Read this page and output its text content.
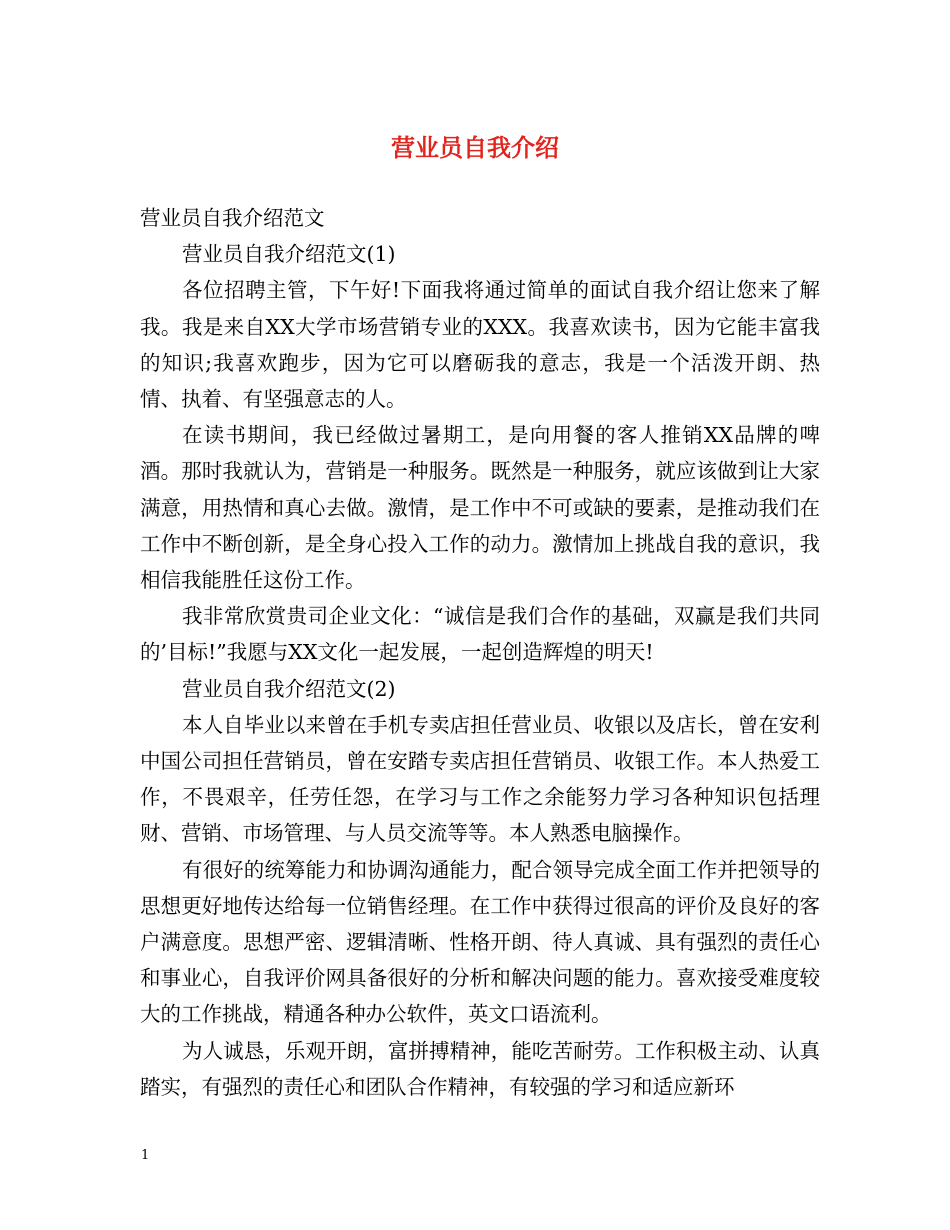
营业员自我介绍

营业员自我介绍范文

营业员自我介绍范文(1)

各位招聘主管，下午好!下面我将通过简单的面试自我介绍让您来了解我。我是来自XX大学市场营销专业的XXX。我喜欢读书，因为它能丰富我的知识;我喜欢跑步，因为它可以磨砺我的意志，我是一个活泼开朗、热情、执着、有坚强意志的人。

在读书期间，我已经做过暑期工，是向用餐的客人推销XX品牌的啤酒。那时我就认为，营销是一种服务。既然是一种服务，就应该做到让大家满意，用热情和真心去做。激情，是工作中不可或缺的要素，是推动我们在工作中不断创新，是全身心投入工作的动力。激情加上挑战自我的意识，我相信我能胜任这份工作。

我非常欣赏贵司企业文化：“诚信是我们合作的基础，双赢是我们共同的’目标!”我愿与XX文化一起发展，一起创造辉煌的明天!

营业员自我介绍范文(2)

本人自毕业以来曾在手机专卖店担任营业员、收银以及店长，曾在安利中国公司担任营销员，曾在安踏专卖店担任营销员、收银工作。本人热爱工作，不畏艰辛，任劳任怨，在学习与工作之余能努力学习各种知识包括理财、营销、市场管理、与人员交流等等。本人熟悉电脑操作。

有很好的统筹能力和协调沟通能力，配合领导完成全面工作并把领导的思想更好地传达给每一位销售经理。在工作中获得过很高的评价及良好的客户满意度。思想严密、逻辑清晰、性格开朗、待人真诚、具有强烈的责任心和事业心，自我评价网具备很好的分析和解决问题的能力。喜欢接受难度较大的工作挑战，精通各种办公软件，英文口语流利。

为人诚恳，乐观开朗，富拼搏精神，能吃苦耐劳。工作积极主动、认真踏实，有强烈的责任心和团队合作精神，有较强的学习和适应新环

1
